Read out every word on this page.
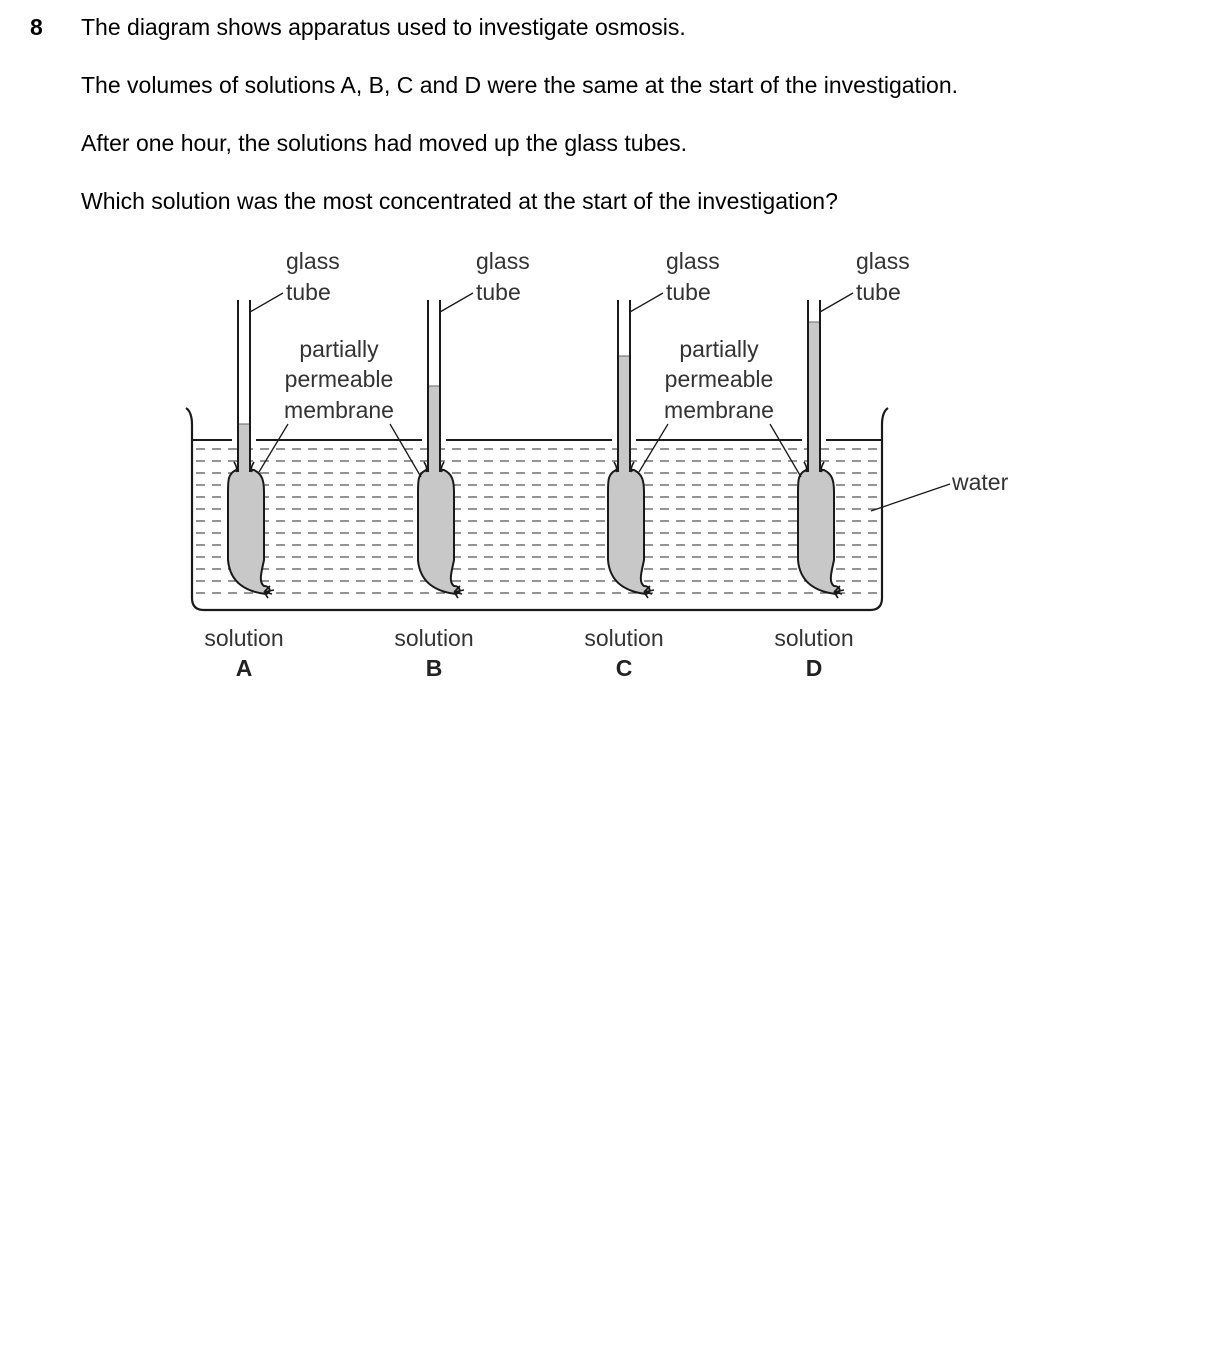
8 The diagram shows apparatus used to investigate osmosis.
The volumes of solutions A, B, C and D were the same at the start of the investigation.
After one hour, the solutions had moved up the glass tubes.
Which solution was the most concentrated at the start of the investigation?
glass
tube
glass
tube
glass
tube
glass
tube
partially
permeable
membrane
partially
permeable
membrane
water
solution
A
solution
B
solution
C
solution
D
